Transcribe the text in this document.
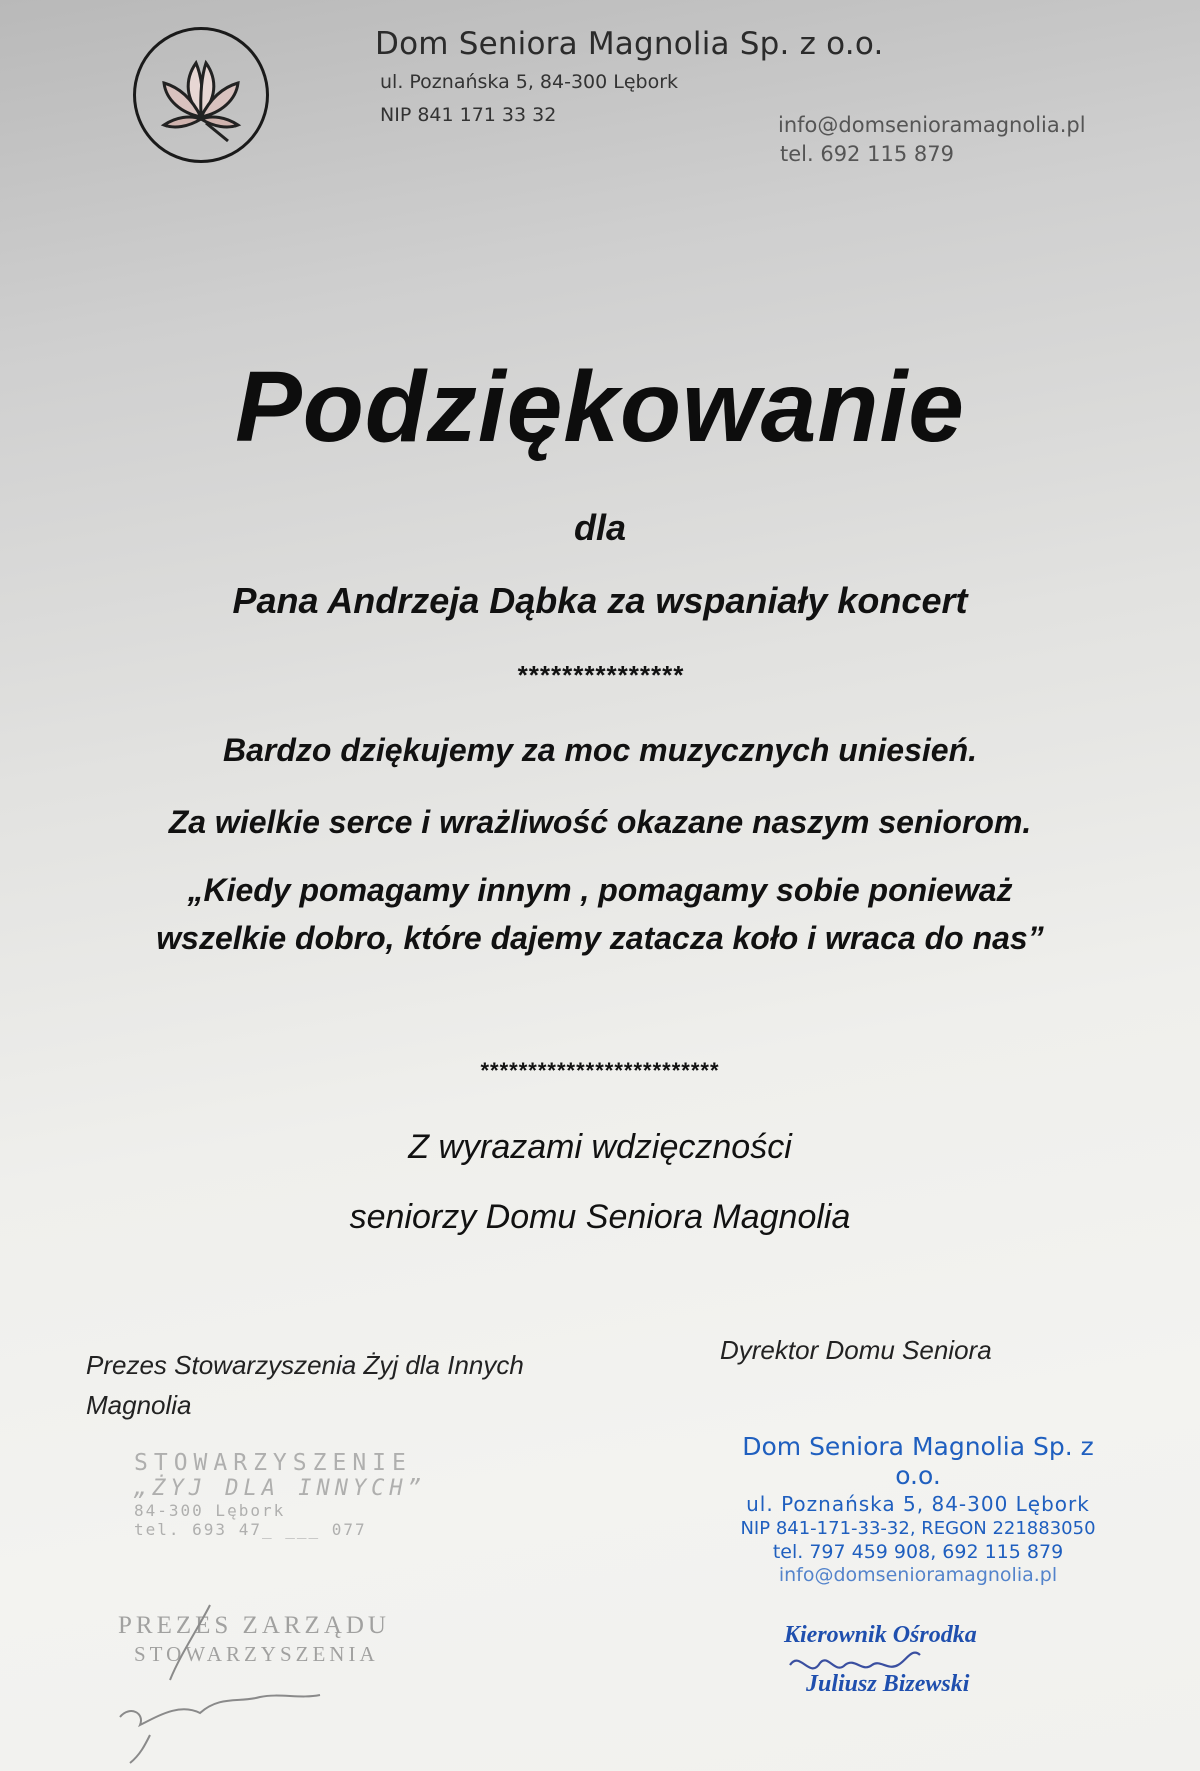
Dom Seniora Magnolia Sp. z o.o.
ul. Poznańska 5, 84-300 Lębork
NIP 841 171 33 32	info@domsenioramagnolia.pl
tel. 692 115 879
Podziękowanie
dla
Pana Andrzeja Dąbka za wspaniały koncert
***************
Bardzo dziękujemy za moc muzycznych uniesień.
Za wielkie serce i wrażliwość okazane naszym seniorom.
„Kiedy pomagamy innym , pomagamy sobie ponieważ
wszelkie dobro, które dajemy zatacza koło i wraca do nas”
*************************
Z wyrazami wdzięczności
seniorzy Domu Seniora Magnolia
Prezes Stowarzyszenia Żyj dla Innych
Magnolia
Dyrektor Domu Seniora
STOWARZYSZENIE
„ŻYJ DLA INNYCH”
84-300 Lębork
tel. 693 47_ ___ 077
PREZES ZARZĄDU
STOWARZYSZENIA
Dom Seniora Magnolia Sp. z o.o.
ul. Poznańska 5, 84-300 Lębork
NIP 841-171-33-32, REGON 221883050
tel. 797 459 908, 692 115 879
info@domsenioramagnolia.pl
Kierownik Ośrodka
Juliusz Bizewski
